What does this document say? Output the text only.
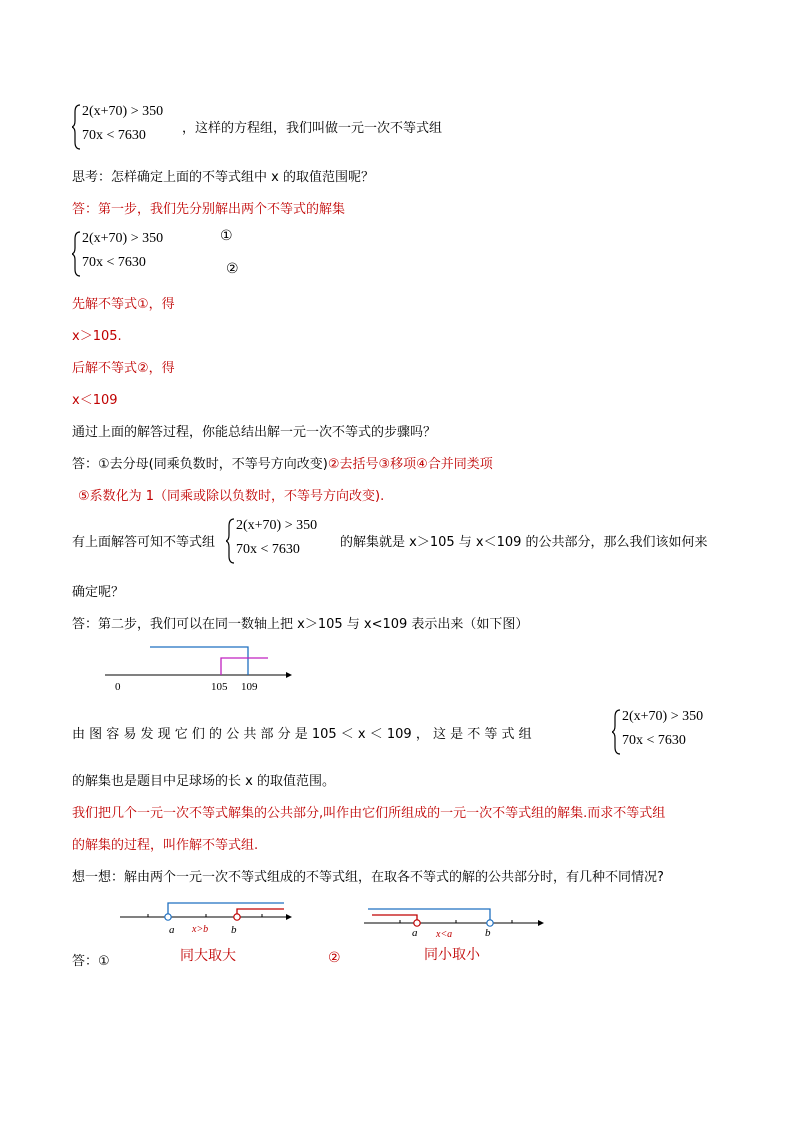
2(x+70) > 350
70x < 7630	，这样的方程组，我们叫做一元一次不等式组
思考：怎样确定上面的不等式组中 x 的取值范围呢？
答：第一步，我们先分别解出两个不等式的解集
2(x+70) > 350
70x < 7630
①
②
先解不等式①，得
x＞105.
后解不等式②，得
x＜109
通过上面的解答过程，你能总结出解一元一次不等式的步骤吗？
答：①去分母(同乘负数时，不等号方向改变)②去括号③移项④合并同类项
⑤系数化为 1（同乘或除以负数时，不等号方向改变).
有上面解答可知不等式组
2(x+70) > 350
70x < 7630	的解集就是 x＞105 与 x＜109 的公共部分，那么我们该如何来
确定呢？
答：第二步，我们可以在同一数轴上把 x＞105 与 x<109 表示出来（如下图）
0	105 109
由 图 容 易 发 现 它 们 的 公 共 部 分 是 105 ＜ x ＜ 109 ， 这 是 不 等 式 组
2(x+70) > 350
70x < 7630
的解集也是题目中足球场的长 x 的取值范围。
我们把几个一元一次不等式解集的公共部分,叫作由它们所组成的一元一次不等式组的解集.而求不等式组
的解集的过程，叫作解不等式组.
想一想：解由两个一元一次不等式组成的不等式组，在取各不等式的解的公共部分时，有几种不同情况?
a x>b b	a x<a	b
答：①	同大取大	②	同小取小
